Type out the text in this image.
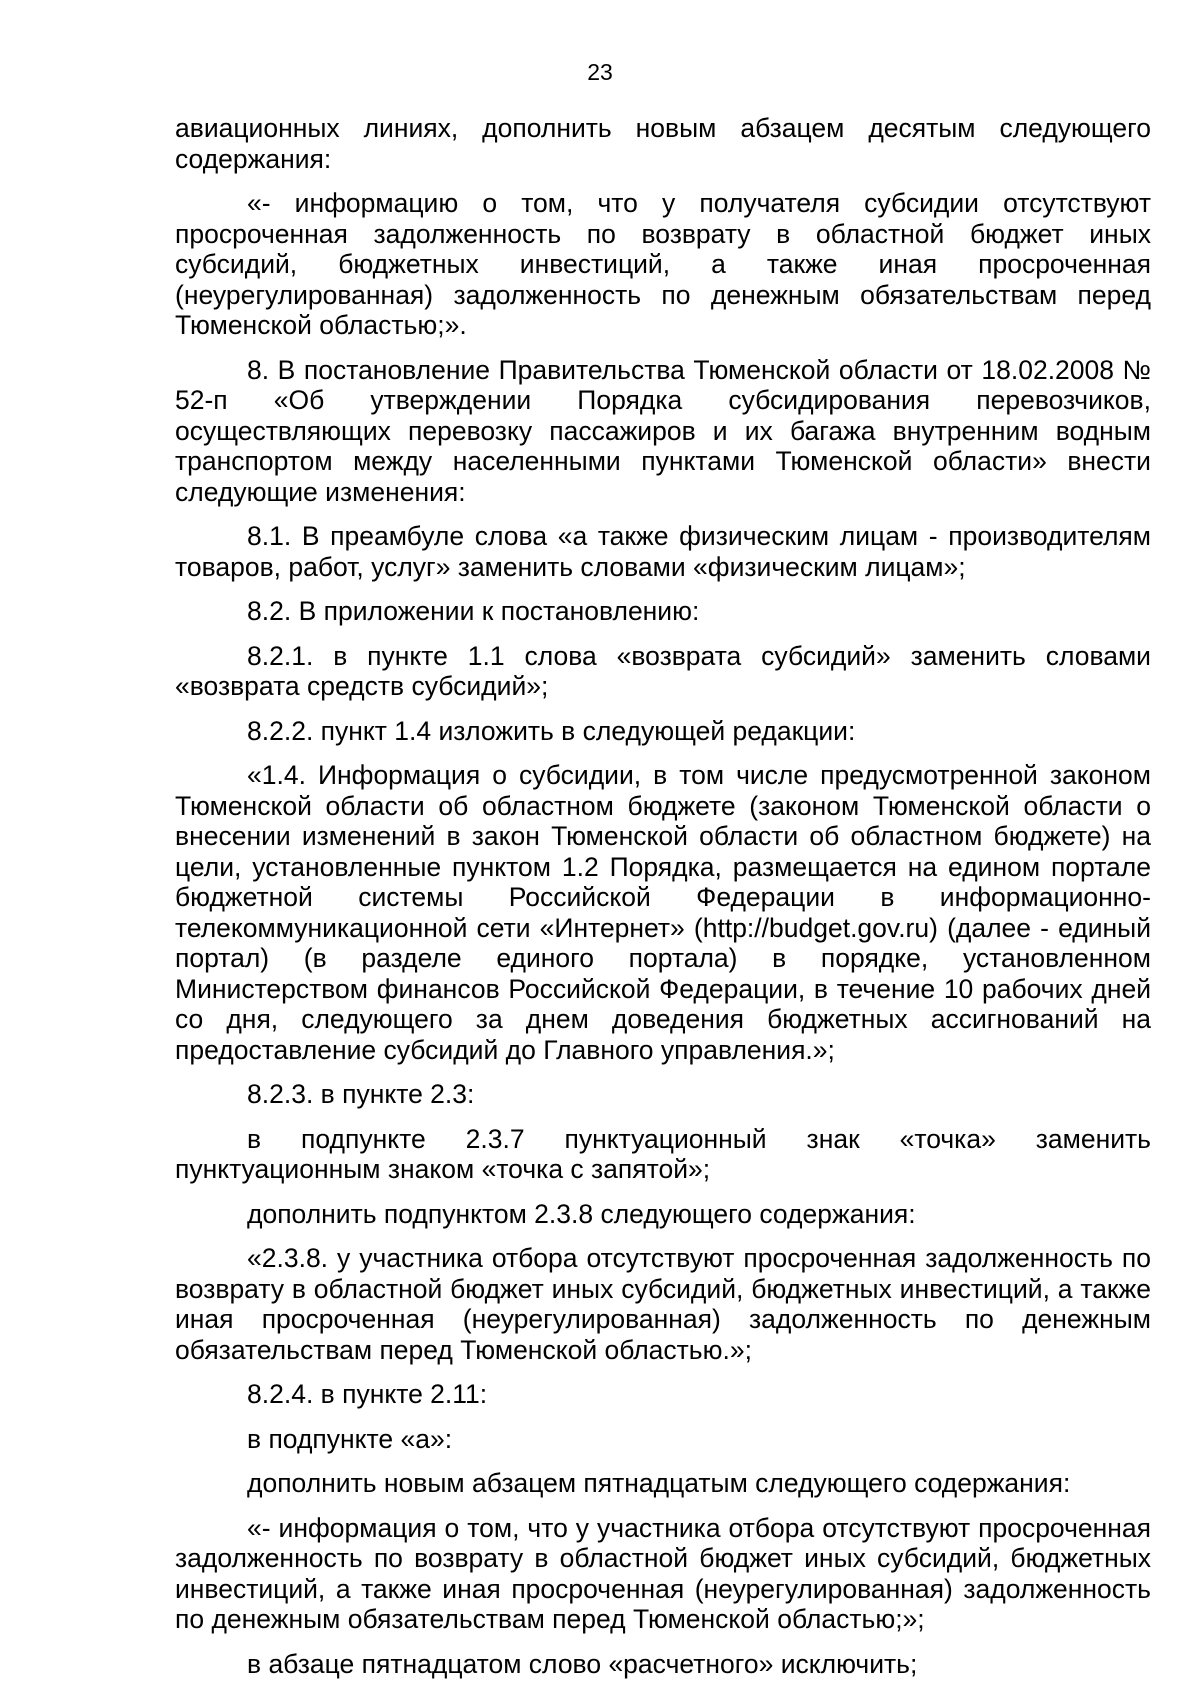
23

авиационных линиях, дополнить новым абзацем десятым следующего содержания:

«- информацию о том, что у получателя субсидии отсутствуют просроченная задолженность по возврату в областной бюджет иных субсидий, бюджетных инвестиций, а также иная просроченная (неурегулированная) задолженность по денежным обязательствам перед Тюменской областью;».

8. В постановление Правительства Тюменской области от 18.02.2008 № 52-п «Об утверждении Порядка субсидирования перевозчиков, осуществляющих перевозку пассажиров и их багажа внутренним водным транспортом между населенными пунктами Тюменской области» внести следующие изменения:

8.1. В преамбуле слова «а также физическим лицам - производителям товаров, работ, услуг» заменить словами «физическим лицам»;

8.2. В приложении к постановлению:

8.2.1. в пункте 1.1 слова «возврата субсидий» заменить словами «возврата средств субсидий»;

8.2.2. пункт 1.4 изложить в следующей редакции:

«1.4. Информация о субсидии, в том числе предусмотренной законом Тюменской области об областном бюджете (законом Тюменской области о внесении изменений в закон Тюменской области об областном бюджете) на цели, установленные пунктом 1.2 Порядка, размещается на едином портале бюджетной системы Российской Федерации в информационно-телекоммуникационной сети «Интернет» (http://budget.gov.ru) (далее - единый портал) (в разделе единого портала) в порядке, установленном Министерством финансов Российской Федерации, в течение 10 рабочих дней со дня, следующего за днем доведения бюджетных ассигнований на предоставление субсидий до Главного управления.»;

8.2.3. в пункте 2.3:

в подпункте 2.3.7 пунктуационный знак «точка» заменить пунктуационным знаком «точка с запятой»;

дополнить подпунктом 2.3.8 следующего содержания:

«2.3.8. у участника отбора отсутствуют просроченная задолженность по возврату в областной бюджет иных субсидий, бюджетных инвестиций, а также иная просроченная (неурегулированная) задолженность по денежным обязательствам перед Тюменской областью.»;

8.2.4. в пункте 2.11:

в подпункте «а»:

дополнить новым абзацем пятнадцатым следующего содержания:

«- информация о том, что у участника отбора отсутствуют просроченная задолженность по возврату в областной бюджет иных субсидий, бюджетных инвестиций, а также иная просроченная (неурегулированная) задолженность по денежным обязательствам перед Тюменской областью;»;

в абзаце пятнадцатом слово «расчетного» исключить;
